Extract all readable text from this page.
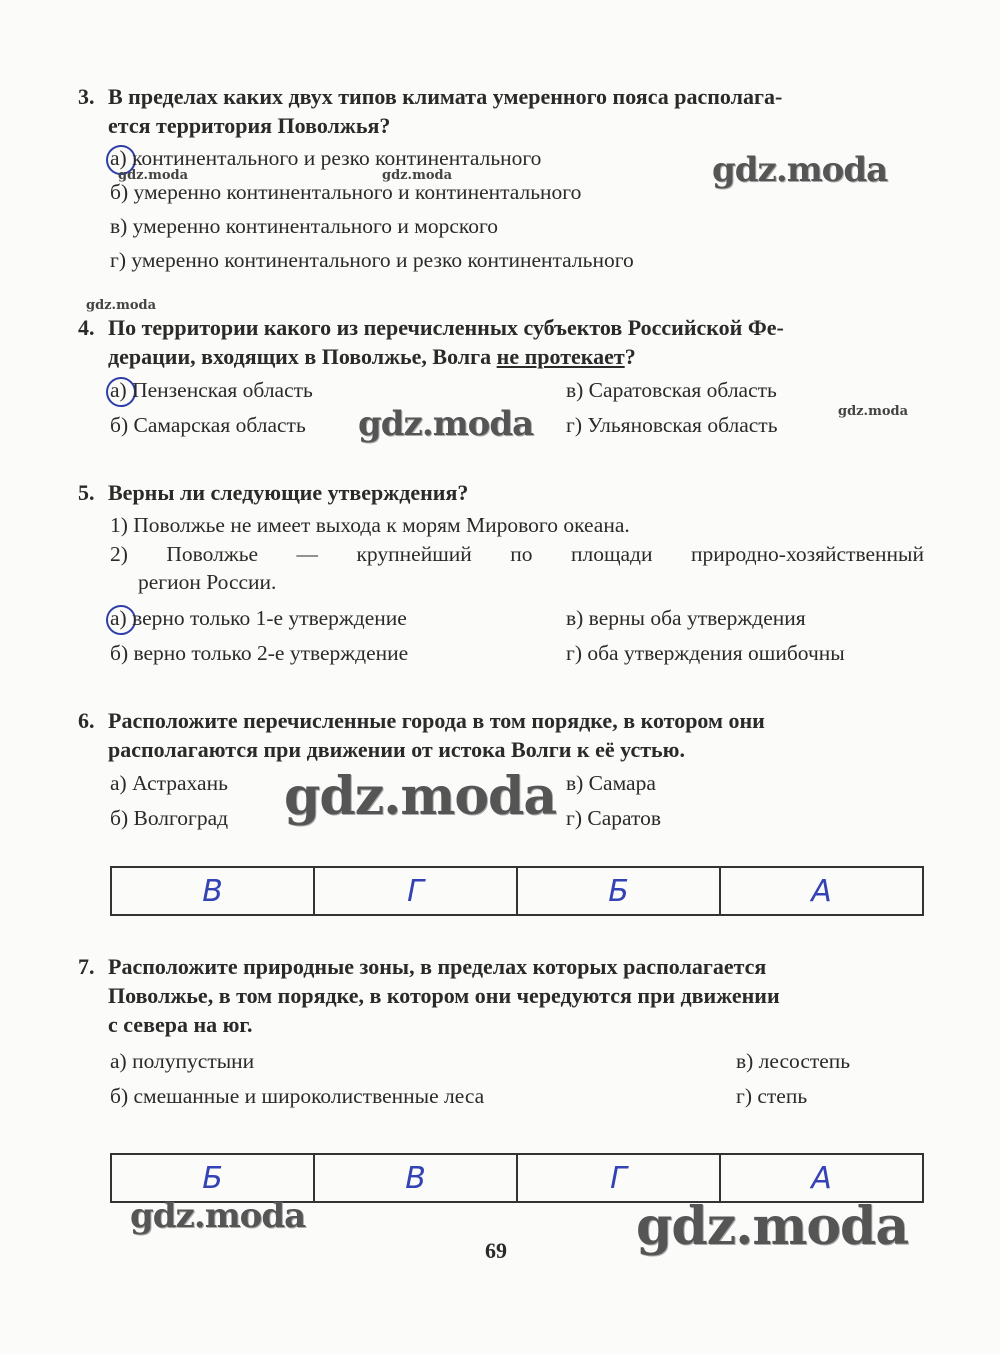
3. В пределах каких двух типов климата умеренного пояса располага-
ется территория Поволжья?
а) континентального и резко континентального
б) умеренно континентального и континентального
в) умеренно континентального и морского
г) умеренно континентального и резко континентального
4. По территории какого из перечисленных субъектов Российской Фе-
дерации, входящих в Поволжье, Волга не протекает?
а) Пензенская область	в) Саратовская область
б) Самарская область	г) Ульяновская область
5. Верны ли следующие утверждения?
1) Поволжье не имеет выхода к морям Мирового океана.
2) Поволжье — крупнейший по площади природно-хозяйственный
регион России.
а) верно только 1-е утверждение	в) верны оба утверждения
б) верно только 2-е утверждение	г) оба утверждения ошибочны
6. Расположите перечисленные города в том порядке, в котором они
располагаются при движении от истока Волги к её устью.
а) Астрахань	в) Самара
б) Волгоград	г) Саратов
В	Г	Б	А
7. Расположите природные зоны, в пределах которых располагается
Поволжье, в том порядке, в котором они чередуются при движении
с севера на юг.
а) полупустыни	в) лесостепь
б) смешанные и широколиственные леса	г) степь
Б	В	Г	А
gdz.moda
gdz.moda	gdz.moda
gdz.moda
gdz.moda	gdz.moda
gdz.moda
gdz.moda	gdz.moda
69
